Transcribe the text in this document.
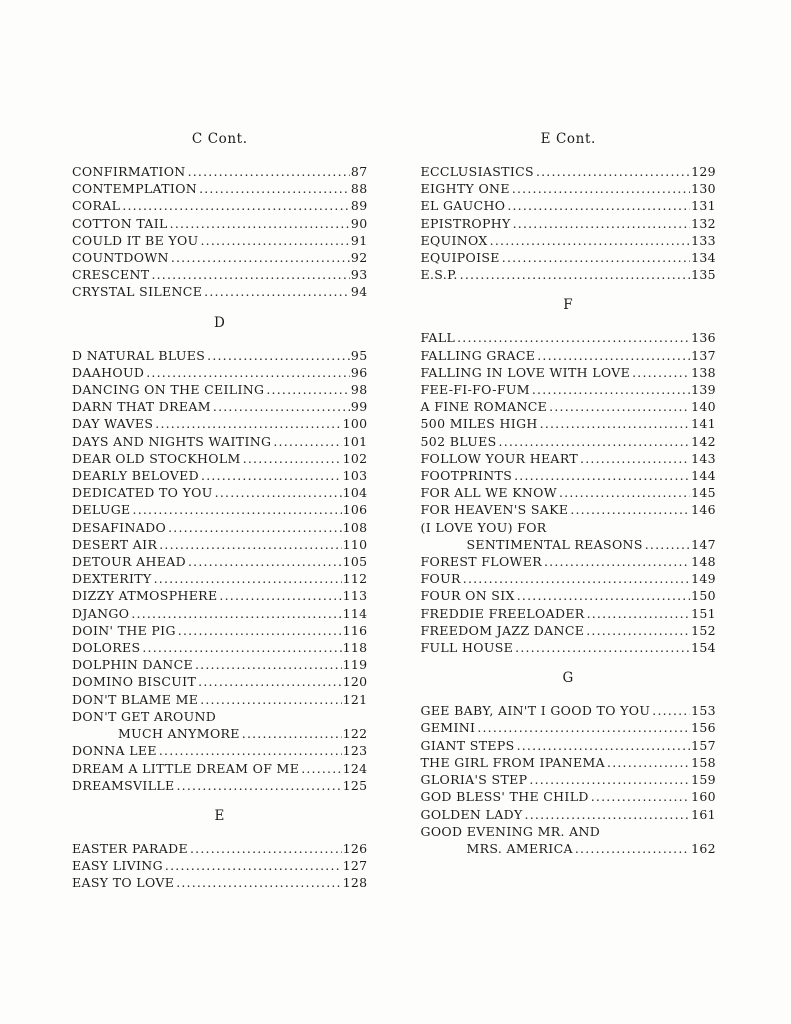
C Cont.
CONFIRMATION .....	87
CONTEMPLATION .....	88
CORAL .....	89
COTTON TAIL .....	90
COULD IT BE YOU .....	91
COUNTDOWN .....	92
CRESCENT .....	93
CRYSTAL SILENCE .....	94
D
D NATURAL BLUES .....	95
DAAHOUD .....	96
DANCING ON THE CEILING .....	98
DARN THAT DREAM .....	99
DAY WAVES .....	100
DAYS AND NIGHTS WAITING .....	101
DEAR OLD STOCKHOLM .....	102
DEARLY BELOVED .....	103
DEDICATED TO YOU .....	104
DELUGE .....	106
DESAFINADO .....	108
DESERT AIR .....	110
DETOUR AHEAD .....	105
DEXTERITY .....	112
DIZZY ATMOSPHERE .....	113
DJANGO .....	114
DOIN' THE PIG .....	116
DOLORES .....	118
DOLPHIN DANCE .....	119
DOMINO BISCUIT .....	120
DON'T BLAME ME .....	121
DON'T GET AROUND
MUCH ANYMORE .....	122
DONNA LEE .....	123
DREAM A LITTLE DREAM OF ME .....	124
DREAMSVILLE .....	125
E
EASTER PARADE .....	126
EASY LIVING .....	127
EASY TO LOVE .....	128
E Cont.
ECCLUSIASTICS .....	129
EIGHTY ONE .....	130
EL GAUCHO .....	131
EPISTROPHY .....	132
EQUINOX .....	133
EQUIPOISE .....	134
E.S.P. .....	135
F
FALL .....	136
FALLING GRACE .....	137
FALLING IN LOVE WITH LOVE .....	138
FEE-FI-FO-FUM .....	139
A FINE ROMANCE .....	140
500 MILES HIGH .....	141
502 BLUES .....	142
FOLLOW YOUR HEART .....	143
FOOTPRINTS .....	144
FOR ALL WE KNOW .....	145
FOR HEAVEN'S SAKE .....	146
(I LOVE YOU) FOR
SENTIMENTAL REASONS .....	147
FOREST FLOWER .....	148
FOUR .....	149
FOUR ON SIX .....	150
FREDDIE FREELOADER .....	151
FREEDOM JAZZ DANCE .....	152
FULL HOUSE .....	154
G
GEE BABY, AIN'T I GOOD TO YOU .....	153
GEMINI .....	156
GIANT STEPS .....	157
THE GIRL FROM IPANEMA .....	158
GLORIA'S STEP .....	159
GOD BLESS' THE CHILD .....	160
GOLDEN LADY .....	161
GOOD EVENING MR. AND
MRS. AMERICA .....	162
